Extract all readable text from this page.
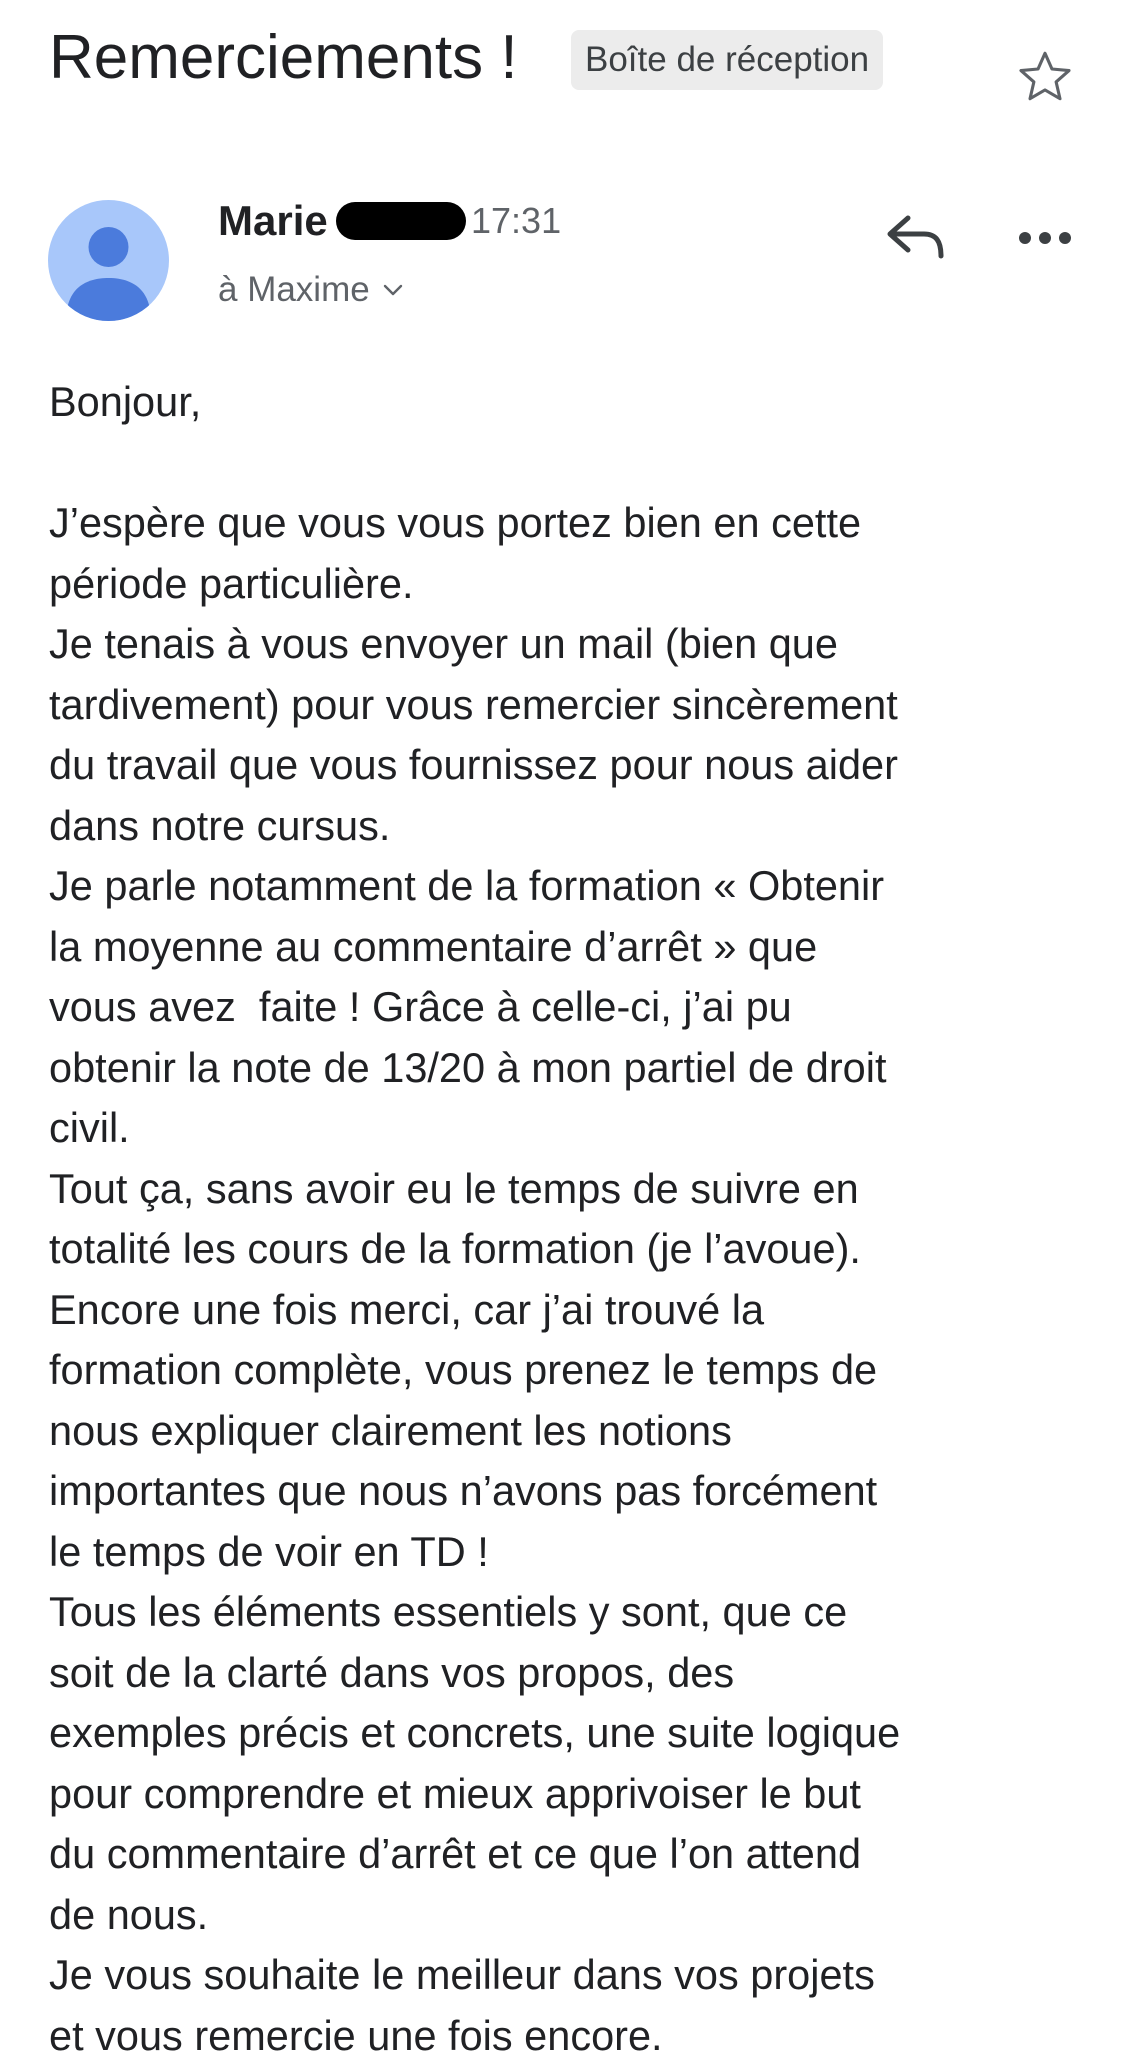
Remerciements !	Boîte de réception
Marie	17:31
à Maxime
Bonjour,
J’espère que vous vous portez bien en cette
période particulière.
Je tenais à vous envoyer un mail (bien que
tardivement) pour vous remercier sincèrement
du travail que vous fournissez pour nous aider
dans notre cursus.
Je parle notamment de la formation « Obtenir
la moyenne au commentaire d’arrêt » que
vous avez  faite ! Grâce à celle-ci, j’ai pu
obtenir la note de 13/20 à mon partiel de droit
civil.
Tout ça, sans avoir eu le temps de suivre en
totalité les cours de la formation (je l’avoue).
Encore une fois merci, car j’ai trouvé la
formation complète, vous prenez le temps de
nous expliquer clairement les notions
importantes que nous n’avons pas forcément
le temps de voir en TD !
Tous les éléments essentiels y sont, que ce
soit de la clarté dans vos propos, des
exemples précis et concrets, une suite logique
pour comprendre et mieux apprivoiser le but
du commentaire d’arrêt et ce que l’on attend
de nous.
Je vous souhaite le meilleur dans vos projets
et vous remercie une fois encore.
